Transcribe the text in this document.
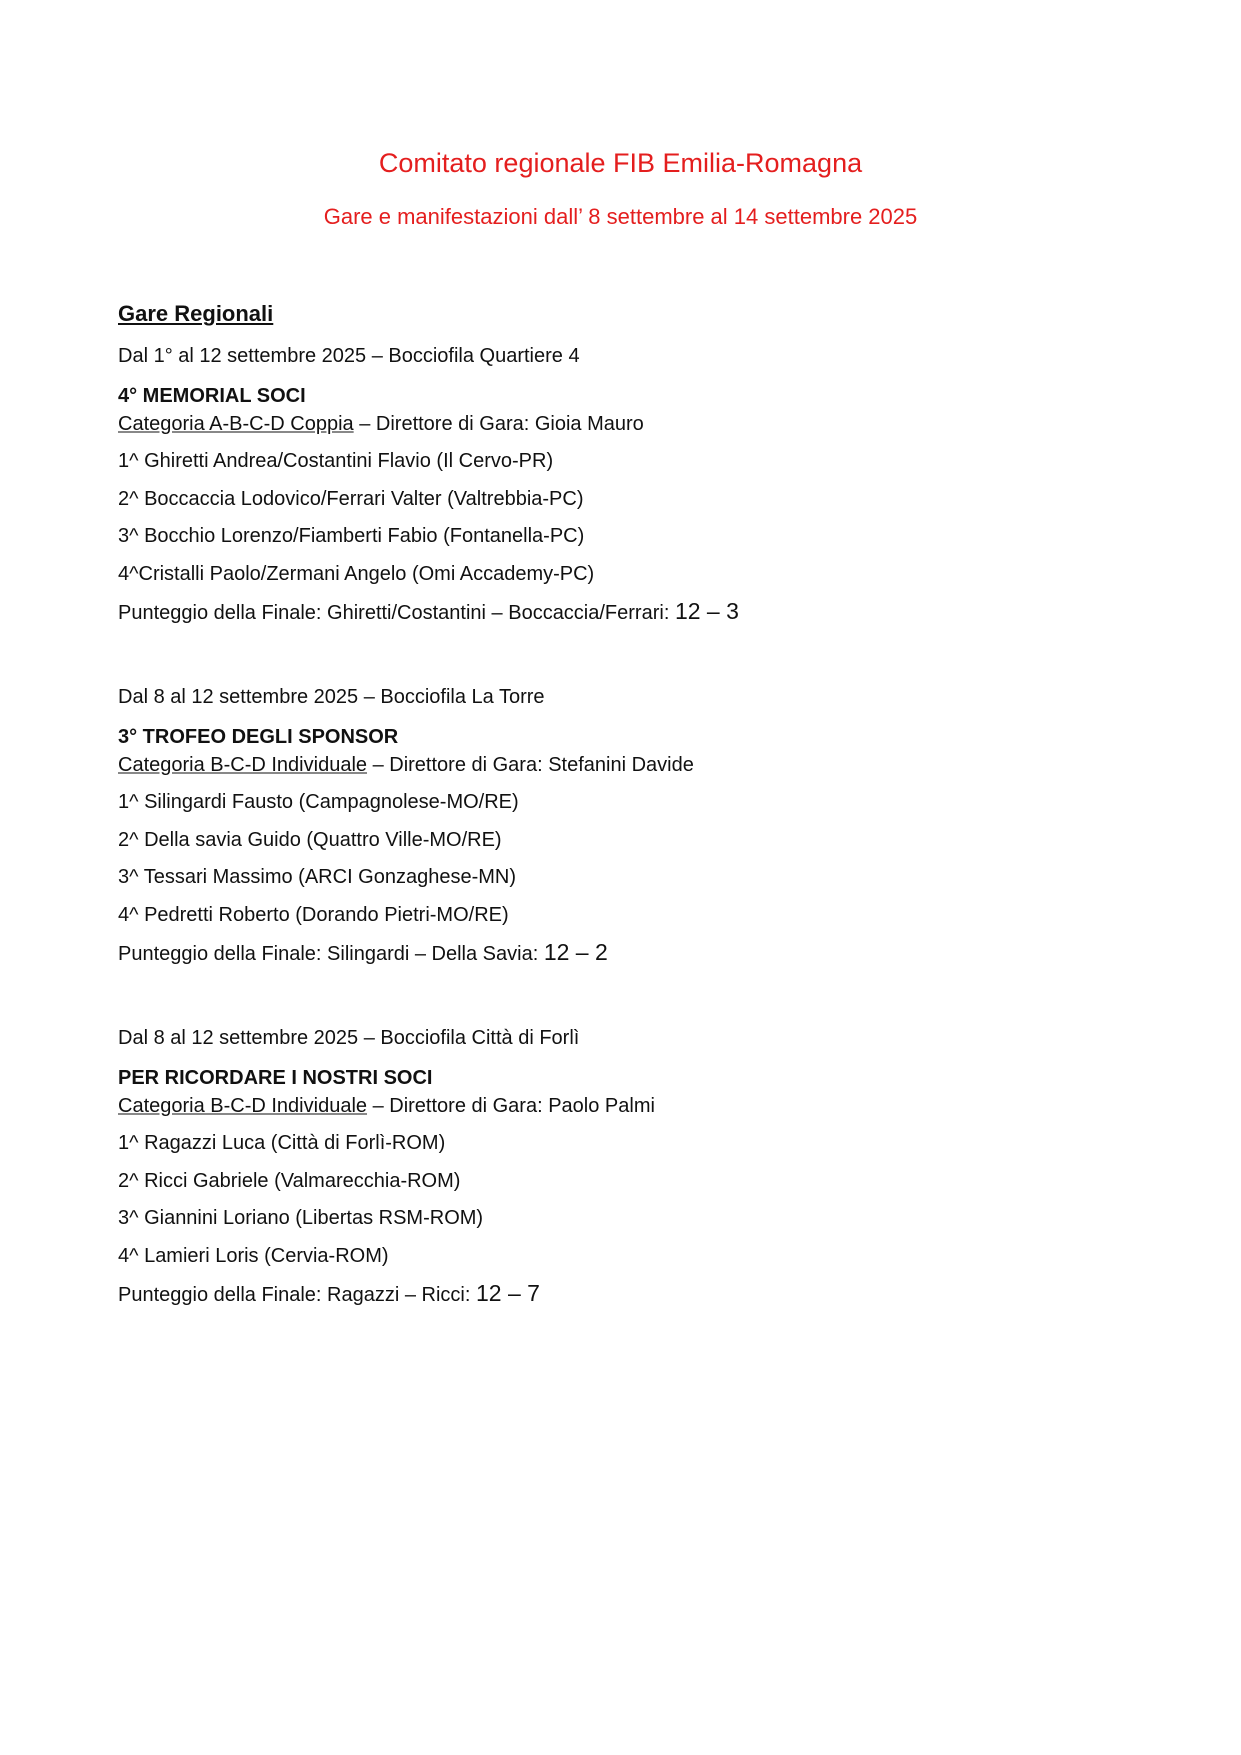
Comitato regionale FIB Emilia-Romagna
Gare e manifestazioni dall’ 8 settembre al 14 settembre 2025
Gare Regionali
Dal 1° al 12 settembre 2025 – Bocciofila Quartiere 4
4° MEMORIAL SOCI
Categoria A-B-C-D Coppia – Direttore di Gara: Gioia Mauro
1^ Ghiretti Andrea/Costantini Flavio (Il Cervo-PR)
2^ Boccaccia Lodovico/Ferrari Valter (Valtrebbia-PC)
3^ Bocchio Lorenzo/Fiamberti Fabio (Fontanella-PC)
4^Cristalli Paolo/Zermani Angelo (Omi Accademy-PC)
Punteggio della Finale: Ghiretti/Costantini – Boccaccia/Ferrari: 12 – 3
Dal 8 al 12 settembre 2025 – Bocciofila La Torre
3° TROFEO DEGLI SPONSOR
Categoria B-C-D Individuale – Direttore di Gara: Stefanini Davide
1^ Silingardi Fausto (Campagnolese-MO/RE)
2^ Della savia Guido (Quattro Ville-MO/RE)
3^ Tessari Massimo (ARCI Gonzaghese-MN)
4^ Pedretti Roberto (Dorando Pietri-MO/RE)
Punteggio della Finale: Silingardi – Della Savia: 12 – 2
Dal 8 al 12 settembre 2025 – Bocciofila Città di Forlì
PER RICORDARE I NOSTRI SOCI
Categoria B-C-D Individuale – Direttore di Gara: Paolo Palmi
1^ Ragazzi Luca (Città di Forlì-ROM)
2^ Ricci Gabriele (Valmarecchia-ROM)
3^ Giannini Loriano (Libertas RSM-ROM)
4^ Lamieri Loris (Cervia-ROM)
Punteggio della Finale: Ragazzi – Ricci: 12 – 7
